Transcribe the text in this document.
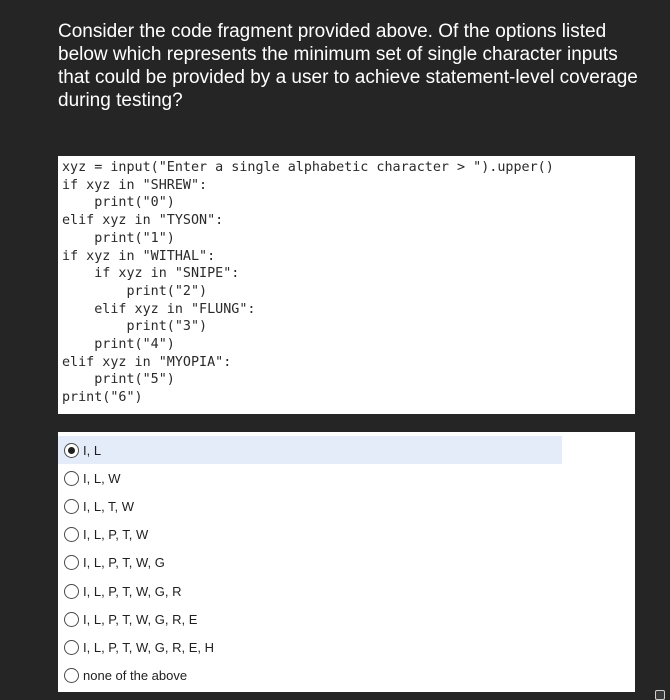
Consider the code fragment provided above. Of the options listed below which represents the minimum set of single character inputs that could be provided by a user to achieve statement-level coverage during testing?

xyz = input("Enter a single alphabetic character > ").upper()
if xyz in "SHREW":
print("0")
elif xyz in "TYSON":
print("1")
if xyz in "WITHAL":
if xyz in "SNIPE":
print("2")
elif xyz in "FLUNG":
print("3")
print("4")
elif xyz in "MYOPIA":
print("5")
print("6")
I, L
I, L, W
I, L, T, W
I, L, P, T, W
I, L, P, T, W, G
I, L, P, T, W, G, R
I, L, P, T, W, G, R, E
I, L, P, T, W, G, R, E, H
none of the above
